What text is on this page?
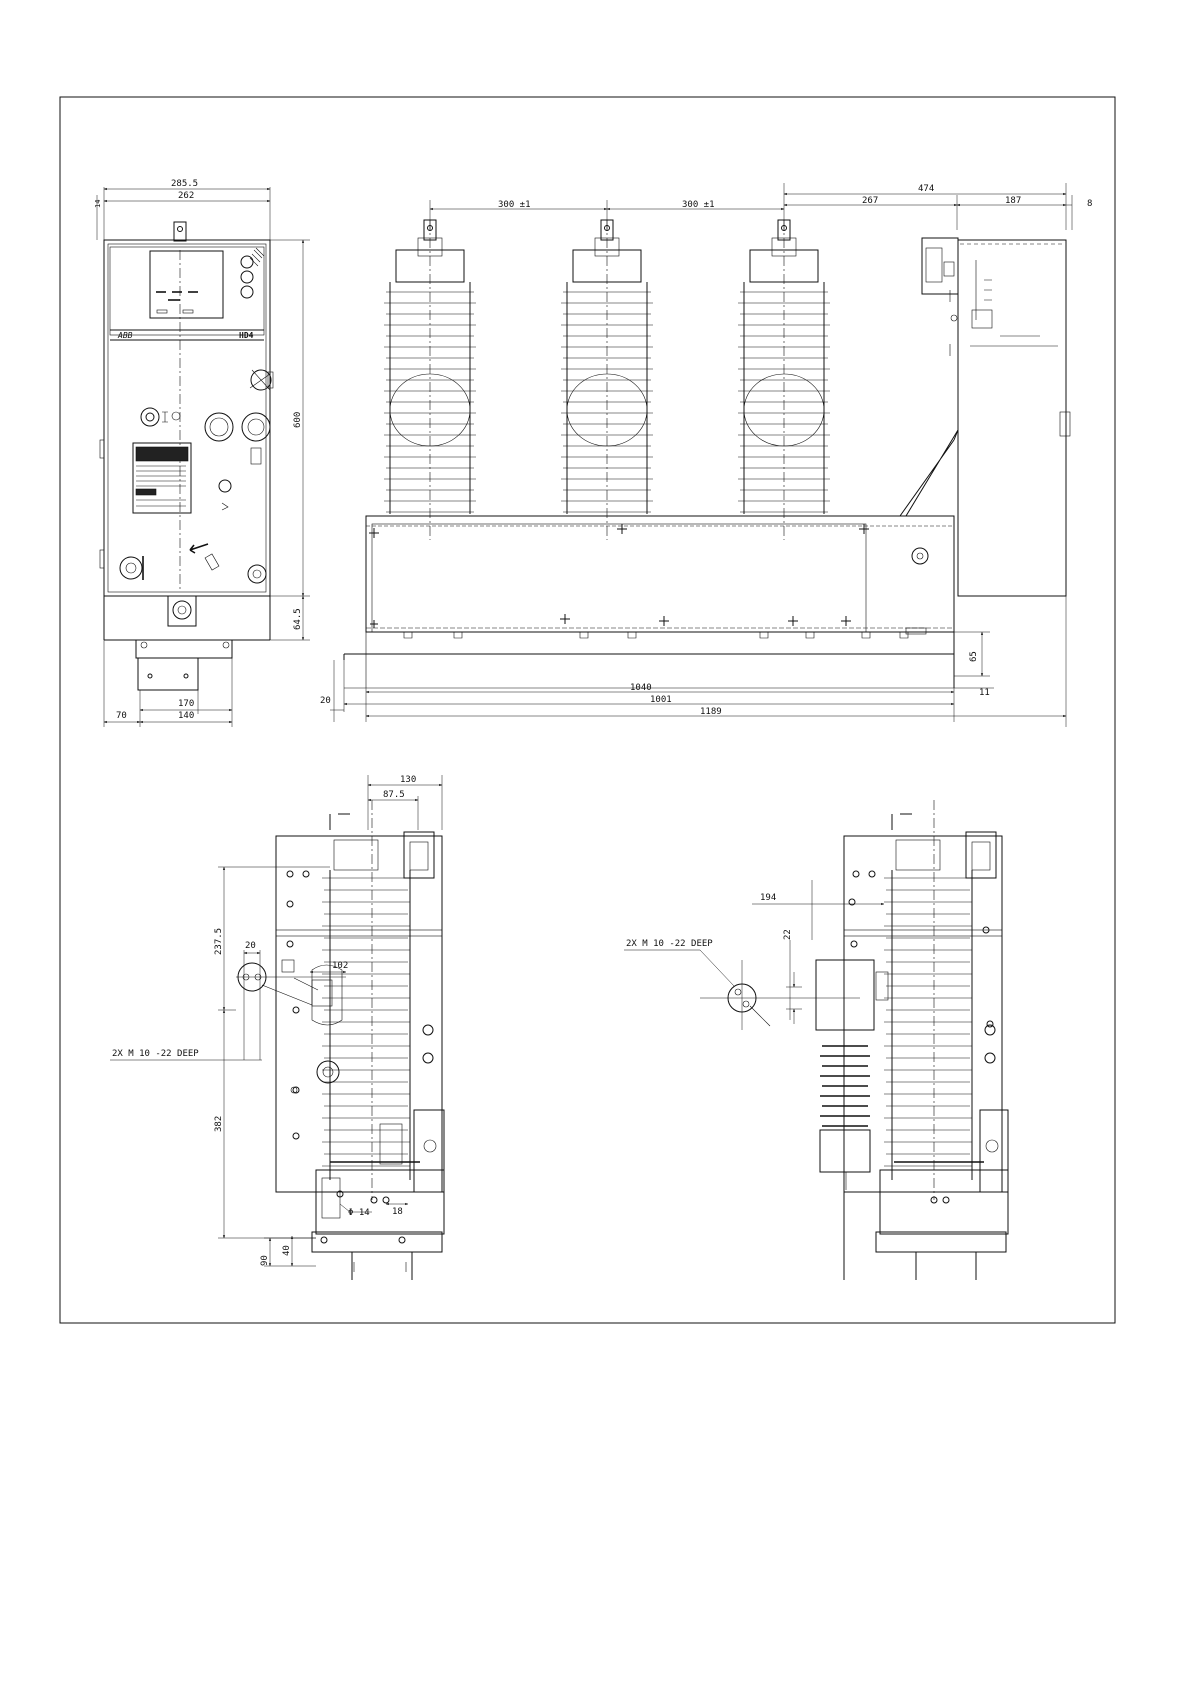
285.5
262
14
ABB	HD4
600
64.5
170
140
70
300 ±1	300 ±1
474
267	187	8
65
11
1040
1001
1189
20
130
87.5
237.5
382
20
102
2X M 10 -22 DEEP
40
90
Φ 14 18
194
22
2X M 10 -22 DEEP
